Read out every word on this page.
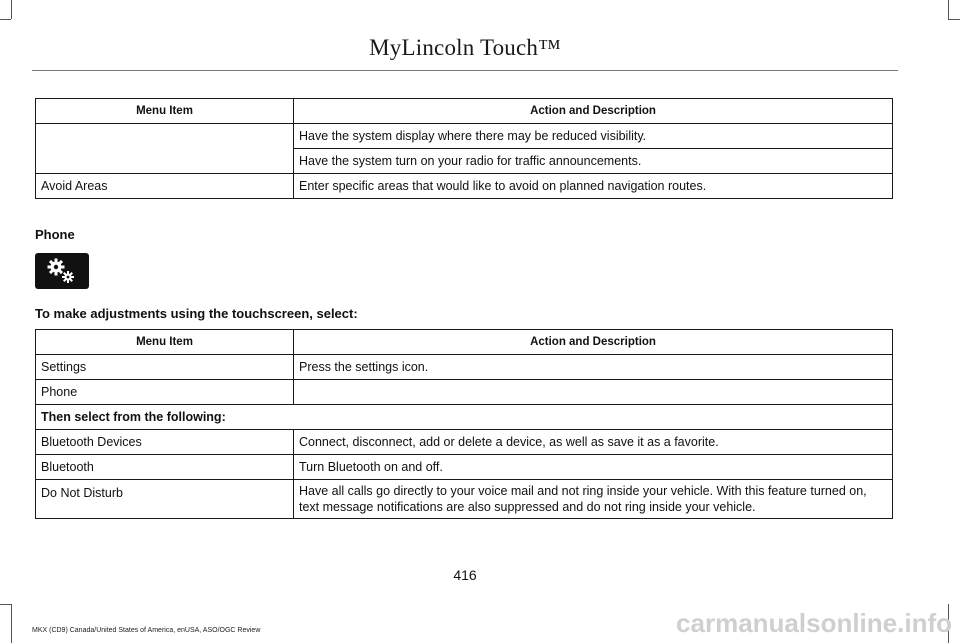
MyLincoln Touch™
Menu Item	Action and Description
	Have the system display where there may be reduced visibility.
	Have the system turn on your radio for traffic announcements.
Avoid Areas	Enter specific areas that would like to avoid on planned navigation routes.
Phone
To make adjustments using the touchscreen, select:
Menu Item	Action and Description
Settings	Press the settings icon.
Phone	
Then select from the following:	
Bluetooth Devices	Connect, disconnect, add or delete a device, as well as save it as a favorite.
Bluetooth	Turn Bluetooth on and off.
Do Not Disturb	Have all calls go directly to your voice mail and not ring inside your vehicle. With this feature turned on, text message notifications are also suppressed and do not ring inside your vehicle.
416
MKX (CD9) Canada/United States of America, enUSA, ASO/OGC Review	carmanualsonline.info
